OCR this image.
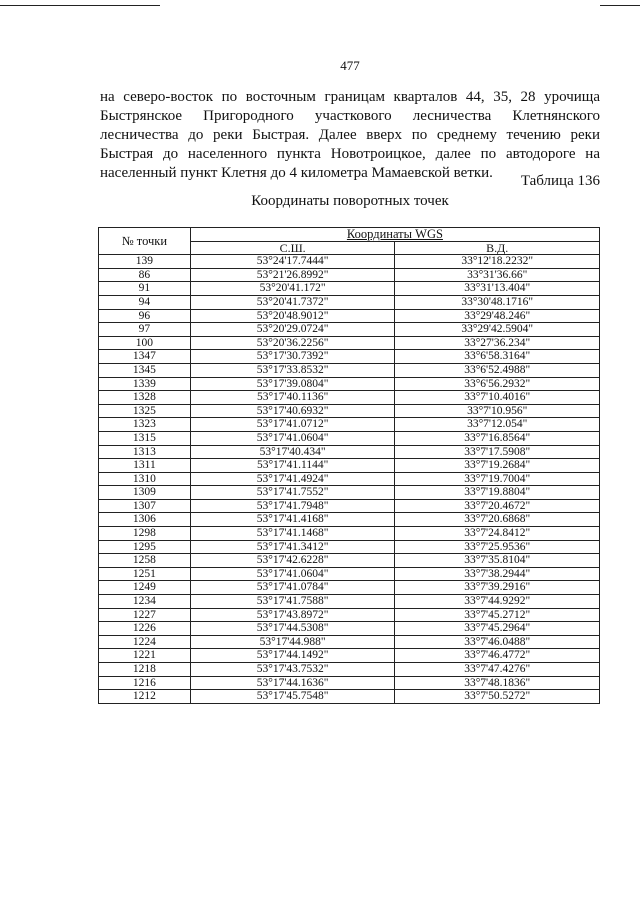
477
на северо-восток по восточным границам кварталов 44, 35, 28 урочища
Быстрянское Пригородного участкового лесничества Клетнянского
лесничества до реки Быстрая. Далее вверх по среднему течению реки
Быстрая до населенного пункта Новотроицкое, далее по автодороге на
населенный пункт Клетня до 4 километра Мамаевской ветки.	Таблица 136
Координаты поворотных точек
№ точки	Координаты WGS	
	С.Ш.	В.Д.
139	53°24'17.7444"	33°12'18.2232"
86	53°21'26.8992"	33°31'36.66"
91	53°20'41.172"	33°31'13.404"
94	53°20'41.7372"	33°30'48.1716"
96	53°20'48.9012"	33°29'48.246"
97	53°20'29.0724"	33°29'42.5904"
100	53°20'36.2256"	33°27'36.234"
1347	53°17'30.7392"	33°6'58.3164"
1345	53°17'33.8532"	33°6'52.4988"
1339	53°17'39.0804"	33°6'56.2932"
1328	53°17'40.1136"	33°7'10.4016"
1325	53°17'40.6932"	33°7'10.956"
1323	53°17'41.0712"	33°7'12.054"
1315	53°17'41.0604"	33°7'16.8564"
1313	53°17'40.434"	33°7'17.5908"
1311	53°17'41.1144"	33°7'19.2684"
1310	53°17'41.4924"	33°7'19.7004"
1309	53°17'41.7552"	33°7'19.8804"
1307	53°17'41.7948"	33°7'20.4672"
1306	53°17'41.4168"	33°7'20.6868"
1298	53°17'41.1468"	33°7'24.8412"
1295	53°17'41.3412"	33°7'25.9536"
1258	53°17'42.6228"	33°7'35.8104"
1251	53°17'41.0604"	33°7'38.2944"
1249	53°17'41.0784"	33°7'39.2916"
1234	53°17'41.7588"	33°7'44.9292"
1227	53°17'43.8972"	33°7'45.2712"
1226	53°17'44.5308"	33°7'45.2964"
1224	53°17'44.988"	33°7'46.0488"
1221	53°17'44.1492"	33°7'46.4772"
1218	53°17'43.7532"	33°7'47.4276"
1216	53°17'44.1636"	33°7'48.1836"
1212	53°17'45.7548"	33°7'50.5272"
